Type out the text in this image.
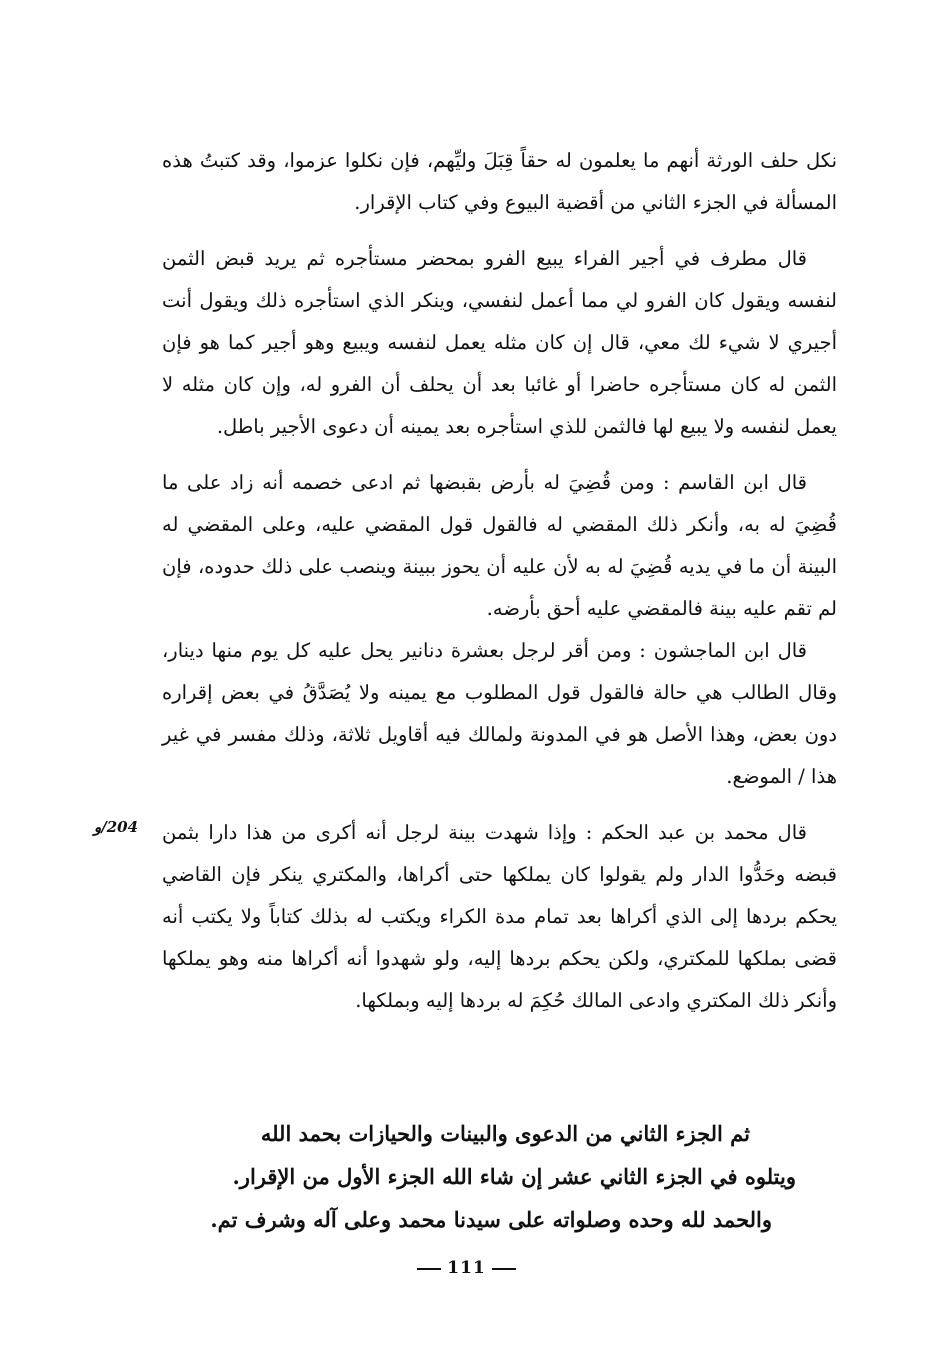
نكل حلف الورثة أنهم ما يعلمون له حقاً قِبَلَ وليِّهم، فإن نكلوا عزموا، وقد كتبتُ هذه المسألة في الجزء الثاني من أقضية البيوع وفي كتاب الإقرار.

قال مطرف في أجير الفراء يبيع الفرو بمحضر مستأجره ثم يريد قبض الثمن لنفسه ويقول كان الفرو لي مما أعمل لنفسي، وينكر الذي استأجره ذلك ويقول أنت أجيري لا شيء لك معي، قال إن كان مثله يعمل لنفسه ويبيع وهو أجير كما هو فإن الثمن له كان مستأجره حاضرا أو غائبا بعد أن يحلف أن الفرو له، وإن كان مثله لا يعمل لنفسه ولا يبيع لها فالثمن للذي استأجره بعد يمينه أن دعوى الأجير باطل.

قال ابن القاسم : ومن قُضِيَ له بأرض بقبضها ثم ادعى خصمه أنه زاد على ما قُضِيَ له به، وأنكر ذلك المقضي له فالقول قول المقضي عليه، وعلى المقضي له البينة أن ما في يديه قُضِيَ له به لأن عليه أن يحوز ببينة وينصب على ذلك حدوده، فإن لم تقم عليه بينة فالمقضي عليه أحق بأرضه.

قال ابن الماجشون : ومن أقر لرجل بعشرة دنانير يحل عليه كل يوم منها دينار، وقال الطالب هي حالة فالقول قول المطلوب مع يمينه ولا يُصَدَّقُ في بعض إقراره دون بعض، وهذا الأصل هو في المدونة ولمالك فيه أقاويل ثلاثة، وذلك مفسر في غير هذا / الموضع.

قال محمد بن عبد الحكم : وإذا شهدت بينة لرجل أنه أكرى من هذا دارا بثمن قبضه وحَدُّوا الدار ولم يقولوا كان يملكها حتى أكراها، والمكتري ينكر فإن القاضي يحكم بردها إلى الذي أكراها بعد تمام مدة الكراء ويكتب له بذلك كتاباً ولا يكتب أنه قضى بملكها للمكتري، ولكن يحكم بردها إليه، ولو شهدوا أنه أكراها منه وهو يملكها وأنكر ذلك المكتري وادعى المالك حُكِمَ له بردها إليه وبملكها.

204/و
ثم الجزء الثاني من الدعوى والبينات والحيازات بحمد الله
ويتلوه في الجزء الثاني عشر إن شاء الله الجزء الأول من الإقرار.
والحمد لله وحده وصلواته على سيدنا محمد وعلى آله وشرف تم.
111
